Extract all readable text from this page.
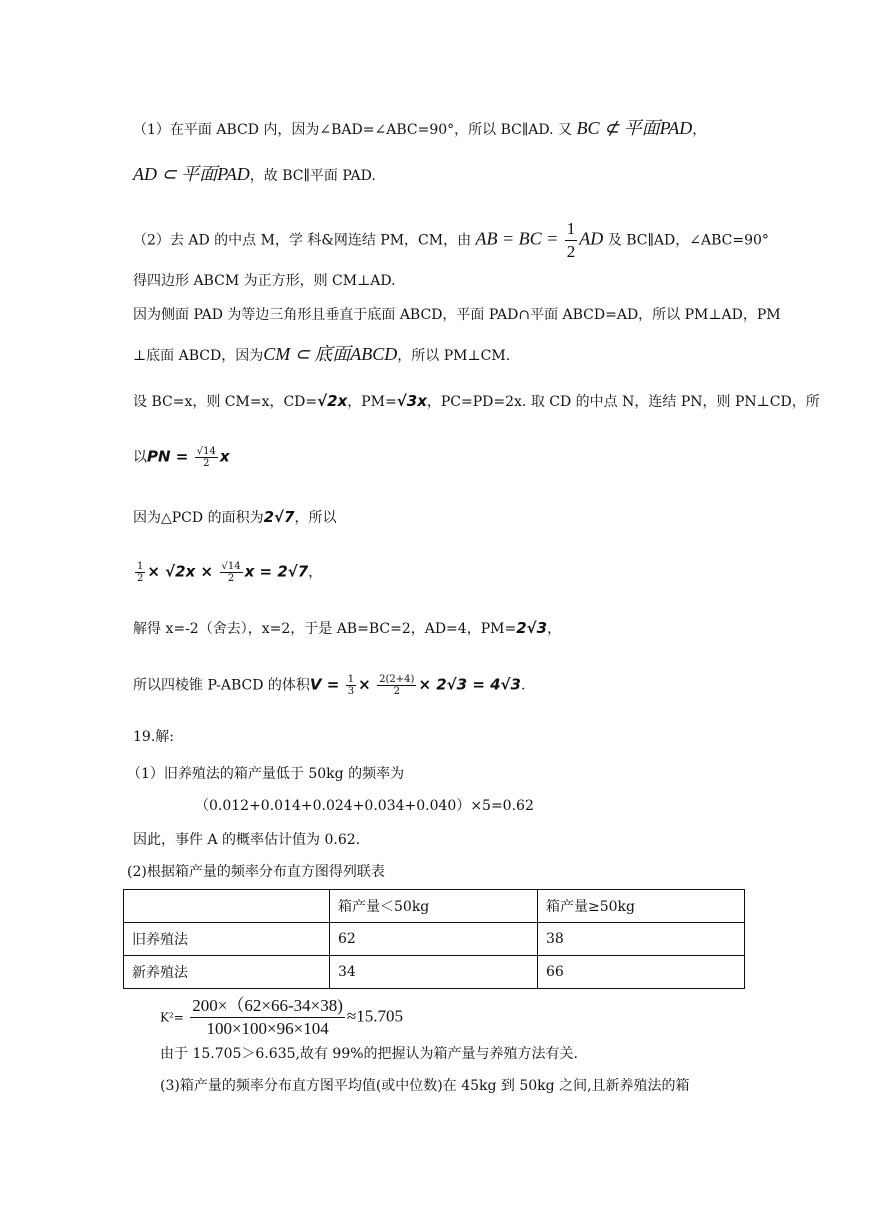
（1）在平面 ABCD 内，因为∠BAD=∠ABC=90°，所以 BC∥AD. 又 BC ⊄ 平面PAD，
AD ⊂ 平面PAD，故 BC∥平面 PAD.
（2）去 AD 的中点 M，学 科&网连结 PM，CM，由 AB = BC = $\frac{1}{2}$ AD 及 BC∥AD，∠ABC=90°
得四边形 ABCM 为正方形，则 CM⊥AD.
因为侧面 PAD 为等边三角形且垂直于底面 ABCD，平面 PAD∩平面 ABCD=AD，所以 PM⊥AD，PM
⊥底面 ABCD，因为CM ⊂ 底面ABCD，所以 PM⊥CM.
设 BC=x，则 CM=x，CD=√2x，PM=√3x，PC=PD=2x. 取 CD 的中点 N，连结 PN，则 PN⊥CD，所
以PN = $\frac{√14}{2}$ x
因为△PCD 的面积为2√7，所以
$\frac{1}{2} \times √2x \times \frac{√14}{2}$ x = 2√7，
解得 x=-2（舍去），x=2，于是 AB=BC=2，AD=4，PM=2√3，
所以四棱锥 P-ABCD 的体积$V = \frac{1}{3} \times \frac{2(2+4)}{2} \times 2√3 = 4√3$.
19.解:
（1）旧养殖法的箱产量低于 50kg 的频率为
（0.012+0.014+0.024+0.034+0.040）×5=0.62
因此，事件 A 的概率估计值为 0.62.
(2)根据箱产量的频率分布直方图得列联表
	箱产量＜50kg	箱产量≥50kg
旧养殖法	62	38
新养殖法	34	66
$K^2= \frac{200\times(62\times 66-34\times 38)}{100\times 100\times 96\times 104} \approx 15.705$
由于 15.705＞6.635,故有 99%的把握认为箱产量与养殖方法有关.
(3)箱产量的频率分布直方图平均值(或中位数)在 45kg 到 50kg 之间,且新养殖法的箱
